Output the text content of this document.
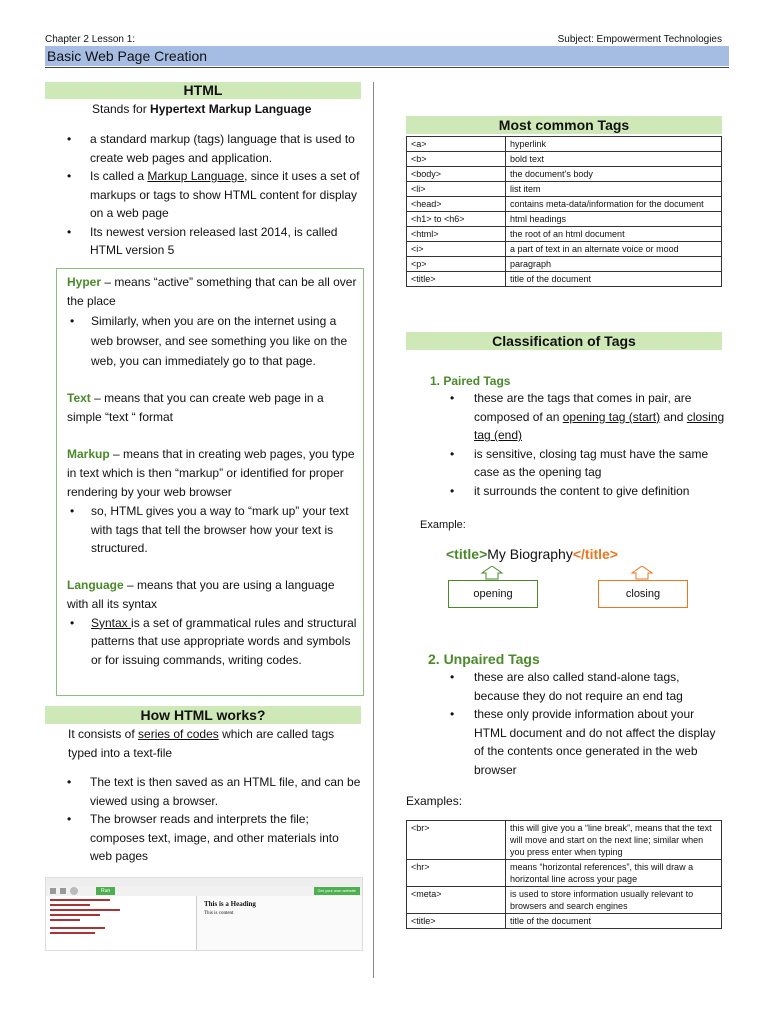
Chapter 2 Lesson 1:	Subject: Empowerment Technologies
Basic Web Page Creation
HTML
Stands for Hypertext Markup Language
• a standard markup (tags) language that is used to create web pages and application.
• Is called a Markup Language, since it uses a set of markups or tags to show HTML content for display on a web page
• Its newest version released last 2014, is called HTML version 5
Hyper – means “active” something that can be all over the place
• Similarly, when you are on the internet using a web browser, and see something you like on the web, you can immediately go to that page.
Text – means that you can create web page in a simple “text “ format
Markup – means that in creating web pages, you type in text which is then “markup” or identified for proper rendering by your web browser
• so, HTML gives you a way to “mark up” your text with tags that tell the browser how your text is structured.
Language – means that you are using a language with all its syntax
• Syntax is a set of grammatical rules and structural patterns that use appropriate words and symbols or for issuing commands, writing codes.
How HTML works?
It consists of series of codes which are called tags typed into a text-file
• The text is then saved as an HTML file, and can be viewed using a browser.
• The browser reads and interprets the file; composes text, image, and other materials into web pages
Run	Get your own website
This is a Heading
This is content
Most common Tags
<a>	hyperlink
<b>	bold text
<body>	the document’s body
<li>	list item
<head>	contains meta-data/information for the document
<h1> to <h6>	html headings
<html>	the root of an html document
<i>	a part of text in an alternate voice or mood
<p>	paragraph
<title>	title of the document
Classification of Tags
1. Paired Tags
• these are the tags that comes in pair, are composed of an opening tag (start) and closing tag (end)
• is sensitive, closing tag must have the same case as the opening tag
• it surrounds the content to give definition
Example:
<title>My Biography</title>
opening	closing
2. Unpaired Tags
• these are also called stand-alone tags, because they do not require an end tag
• these only provide information about your HTML document and do not affect the display of the contents once generated in the web browser
Examples:
<br>	this will give you a “line break”, means that the text will move and start on the next line; similar when you press enter when typing
<hr>	means “horizontal references”, this will draw a horizontal line across your page
<meta>	is used to store information usually relevant to browsers and search engines
<title>	title of the document
